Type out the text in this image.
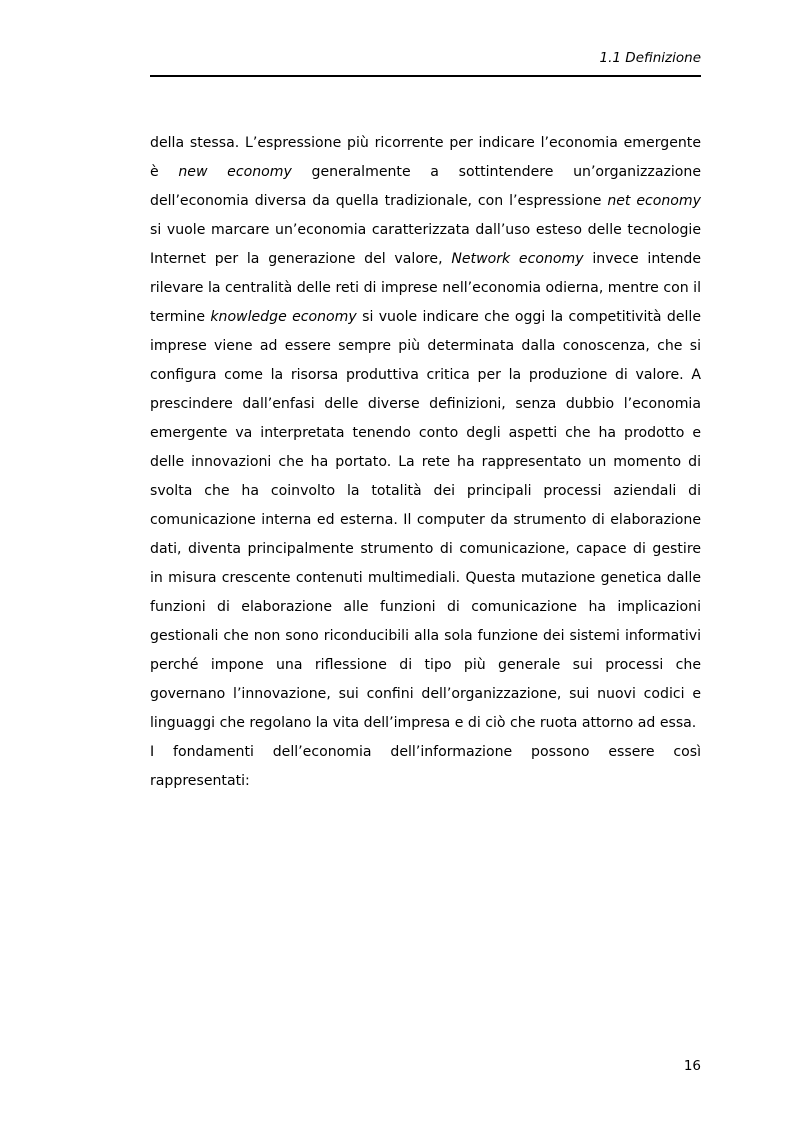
1.1 Definizione

della stessa. L’espressione più ricorrente per indicare l’economia emergente è new economy generalmente a sottintendere un’organizzazione dell’economia diversa da quella tradizionale, con l’espressione net economy si vuole marcare un’economia caratterizzata dall’uso esteso delle tecnologie Internet per la generazione del valore, Network economy invece intende rilevare la centralità delle reti di imprese nell’economia odierna, mentre con il termine knowledge economy si vuole indicare che oggi la competitività delle imprese viene ad essere sempre più determinata dalla conoscenza, che si configura come la risorsa produttiva critica per la produzione di valore. A prescindere dall’enfasi delle diverse definizioni, senza dubbio l’economia emergente va interpretata tenendo conto degli aspetti che ha prodotto e delle innovazioni che ha portato. La rete ha rappresentato un momento di svolta che ha coinvolto la totalità dei principali processi aziendali di comunicazione interna ed esterna. Il computer da strumento di elaborazione dati, diventa principalmente strumento di comunicazione, capace di gestire in misura crescente contenuti multimediali. Questa mutazione genetica dalle funzioni di elaborazione alle funzioni di comunicazione ha implicazioni gestionali che non sono riconducibili alla sola funzione dei sistemi informativi perché impone una riflessione di tipo più generale sui processi che governano l’innovazione, sui confini dell’organizzazione, sui nuovi codici e linguaggi che regolano la vita dell’impresa e di ciò che ruota attorno ad essa.

I fondamenti dell’economia dell’informazione possono essere così rappresentati:

16
